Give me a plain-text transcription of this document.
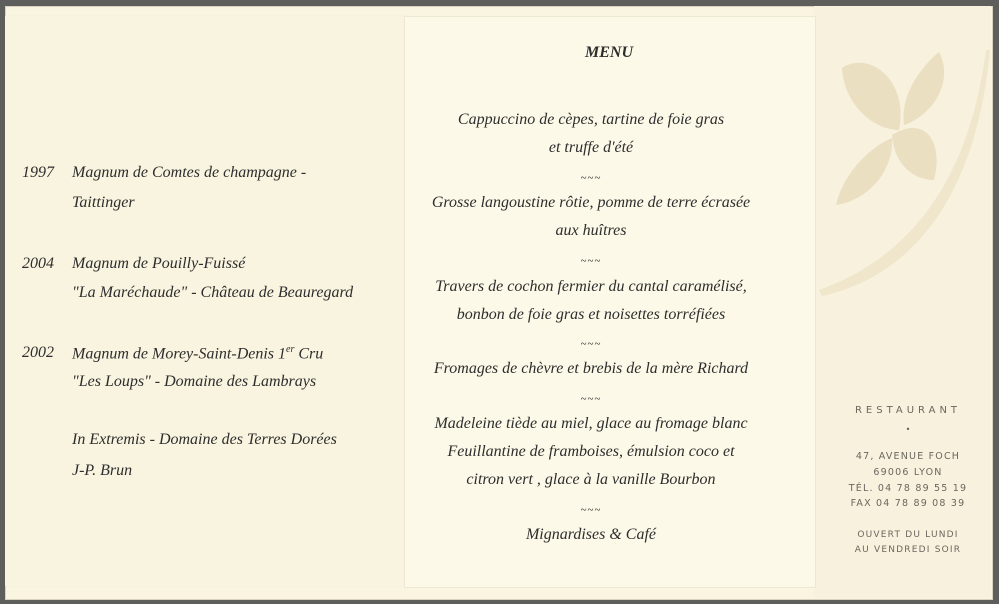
1997 Magnum de Comtes de champagne -
Taittinger
2004 Magnum de Pouilly-Fuissé
"La Maréchaude" - Château de Beauregard
2002 Magnum de Morey-Saint-Denis 1er Cru
"Les Loups" - Domaine des Lambrays
In Extremis - Domaine des Terres Dorées
J-P. Brun
MENU
Cappuccino de cèpes, tartine de foie gras
et truffe d'été
~~~
Grosse langoustine rôtie, pomme de terre écrasée
aux huîtres
~~~
Travers de cochon fermier du cantal caramélisé,
bonbon de foie gras et noisettes torréfiées
~~~
Fromages de chèvre et brebis de la mère Richard
~~~
Madeleine tiède au miel, glace au fromage blanc
Feuillantine de framboises, émulsion coco et
citron vert , glace à la vanille Bourbon
~~~
Mignardises & Café
RESTAURANT
•
47, AVENUE FOCH
69006 LYON
TÉL. 04 78 89 55 19
FAX 04 78 89 08 39
OUVERT DU LUNDI
AU VENDREDI SOIR
